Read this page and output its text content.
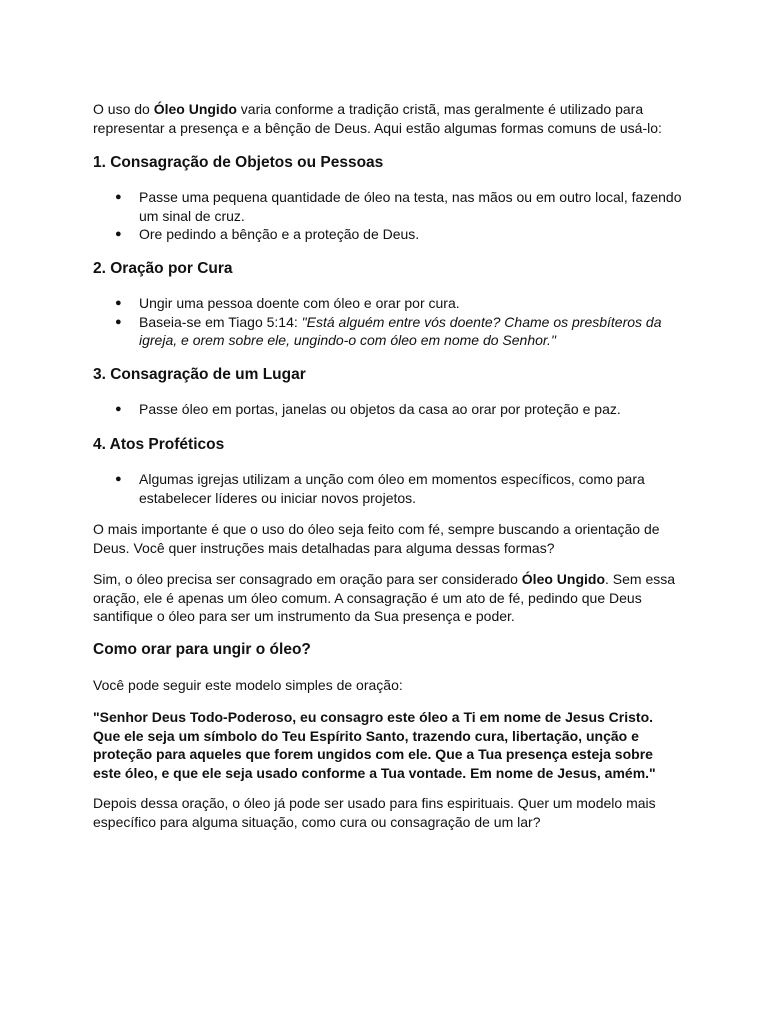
O uso do Óleo Ungido varia conforme a tradição cristã, mas geralmente é utilizado para representar a presença e a bênção de Deus. Aqui estão algumas formas comuns de usá-lo:

1. Consagração de Objetos ou Pessoas
● Passe uma pequena quantidade de óleo na testa, nas mãos ou em outro local, fazendo um sinal de cruz.
● Ore pedindo a bênção e a proteção de Deus.
2. Oração por Cura
● Ungir uma pessoa doente com óleo e orar por cura.
● Baseia-se em Tiago 5:14: "Está alguém entre vós doente? Chame os presbíteros da igreja, e orem sobre ele, ungindo-o com óleo em nome do Senhor."
3. Consagração de um Lugar
● Passe óleo em portas, janelas ou objetos da casa ao orar por proteção e paz.
4. Atos Proféticos
● Algumas igrejas utilizam a unção com óleo em momentos específicos, como para estabelecer líderes ou iniciar novos projetos.

O mais importante é que o uso do óleo seja feito com fé, sempre buscando a orientação de Deus. Você quer instruções mais detalhadas para alguma dessas formas?

Sim, o óleo precisa ser consagrado em oração para ser considerado Óleo Ungido. Sem essa oração, ele é apenas um óleo comum. A consagração é um ato de fé, pedindo que Deus santifique o óleo para ser um instrumento da Sua presença e poder.

Como orar para ungir o óleo?

Você pode seguir este modelo simples de oração:

"Senhor Deus Todo-Poderoso, eu consagro este óleo a Ti em nome de Jesus Cristo. Que ele seja um símbolo do Teu Espírito Santo, trazendo cura, libertação, unção e proteção para aqueles que forem ungidos com ele. Que a Tua presença esteja sobre este óleo, e que ele seja usado conforme a Tua vontade. Em nome de Jesus, amém."

Depois dessa oração, o óleo já pode ser usado para fins espirituais. Quer um modelo mais específico para alguma situação, como cura ou consagração de um lar?
